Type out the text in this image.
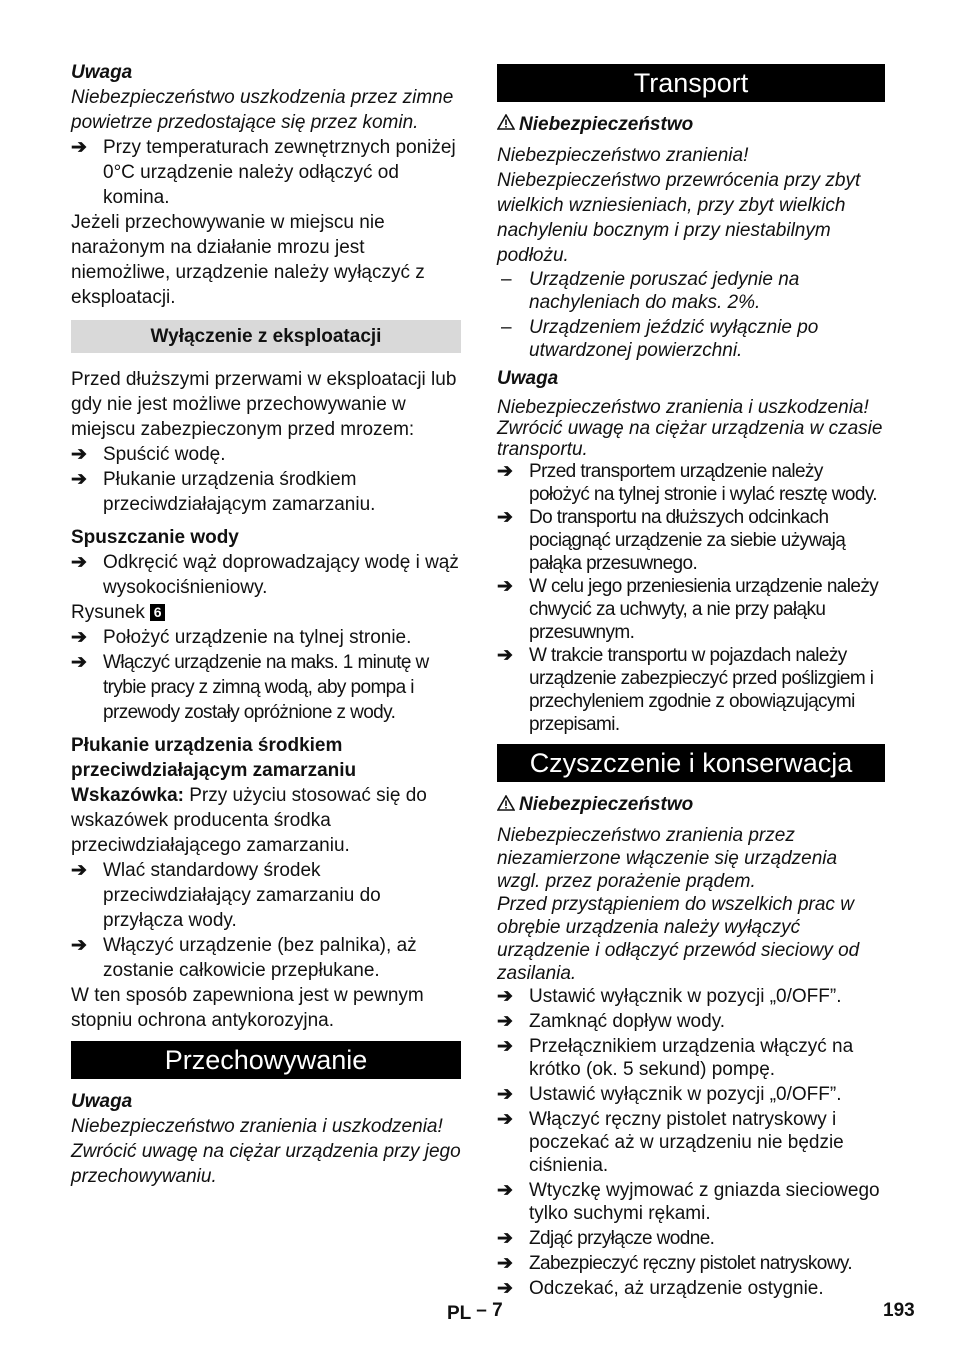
Uwaga

Niebezpieczeństwo uszkodzenia przez zimne powietrze przedostające się przez komin.

➔ Przy temperaturach zewnętrznych poniżej 0°C urządzenie należy odłączyć od komina.

Jeżeli przechowywanie w miejscu nie narażonym na działanie mrozu jest niemożliwe, urządzenie należy wyłączyć z eksploatacji.

Wyłączenie z eksploatacji

Przed dłuższymi przerwami w eksploatacji lub gdy nie jest możliwe przechowywanie w miejscu zabezpieczonym przed mrozem:

➔ Spuścić wodę.
➔ Płukanie urządzenia środkiem przeciwdziałającym zamarzaniu.

Spuszczanie wody

➔ Odkręcić wąż doprowadzający wodę i wąż wysokociśnieniowy.

Rysunek 6

➔ Położyć urządzenie na tylnej stronie.
➔ Włączyć urządzenie na maks. 1 minutę w trybie pracy z zimną wodą, aby pompa i przewody zostały opróżnione z wody.

Płukanie urządzenia środkiem przeciwdziałającym zamarzaniu

Wskazówka: Przy użyciu stosować się do wskazówek producenta środka przeciwdziałającego zamarzaniu.

➔ Wlać standardowy środek przeciwdziałający zamarzaniu do przyłącza wody.
➔ Włączyć urządzenie (bez palnika), aż zostanie całkowicie przepłukane.

W ten sposób zapewniona jest w pewnym stopniu ochrona antykorozyjna.

Przechowywanie

Uwaga

Niebezpieczeństwo zranienia i uszkodzenia! Zwrócić uwagę na ciężar urządzenia przy jego przechowywaniu.

Transport

Niebezpieczeństwo

Niebezpieczeństwo zranienia! Niebezpieczeństwo przewrócenia przy zbyt wielkich wzniesieniach, przy zbyt wielkich nachyleniu bocznym i przy niestabilnym podłożu.

– Urządzenie poruszać jedynie na nachyleniach do maks. 2%.
– Urządzeniem jeździć wyłącznie po utwardzonej powierzchni.

Uwaga

Niebezpieczeństwo zranienia i uszkodzenia! Zwrócić uwagę na ciężar urządzenia w czasie transportu.

➔ Przed transportem urządzenie należy położyć na tylnej stronie i wylać resztę wody.
➔ Do transportu na dłuższych odcinkach pociągnąć urządzenie za siebie używają pałąka przesuwnego.
➔ W celu jego przeniesienia urządzenie należy chwycić za uchwyty, a nie przy pałąku przesuwnym.
➔ W trakcie transportu w pojazdach należy urządzenie zabezpieczyć przed poślizgiem i przechyleniem zgodnie z obowiązującymi przepisami.
Czyszczenie i konserwacja

Niebezpieczeństwo

Niebezpieczeństwo zranienia przez niezamierzone włączenie się urządzenia wzgl. przez porażenie prądem.

Przed przystąpieniem do wszelkich prac w obrębie urządzenia należy wyłączyć urządzenie i odłączyć przewód sieciowy od zasilania.

➔ Ustawić wyłącznik w pozycji „0/OFF”.
➔ Zamknąć dopływ wody.
➔ Przełącznikiem urządzenia włączyć na krótko (ok. 5 sekund) pompę.
➔ Ustawić wyłącznik w pozycji „0/OFF”.
➔ Włączyć ręczny pistolet natryskowy i poczekać aż w urządzeniu nie będzie ciśnienia.
➔ Wtyczkę wyjmować z gniazda sieciowego tylko suchymi rękami.
➔ Zdjąć przyłącze wodne.
➔ Zabezpieczyć ręczny pistolet natryskowy.
➔ Odczekać, aż urządzenie ostygnie.
PL – 7	193
